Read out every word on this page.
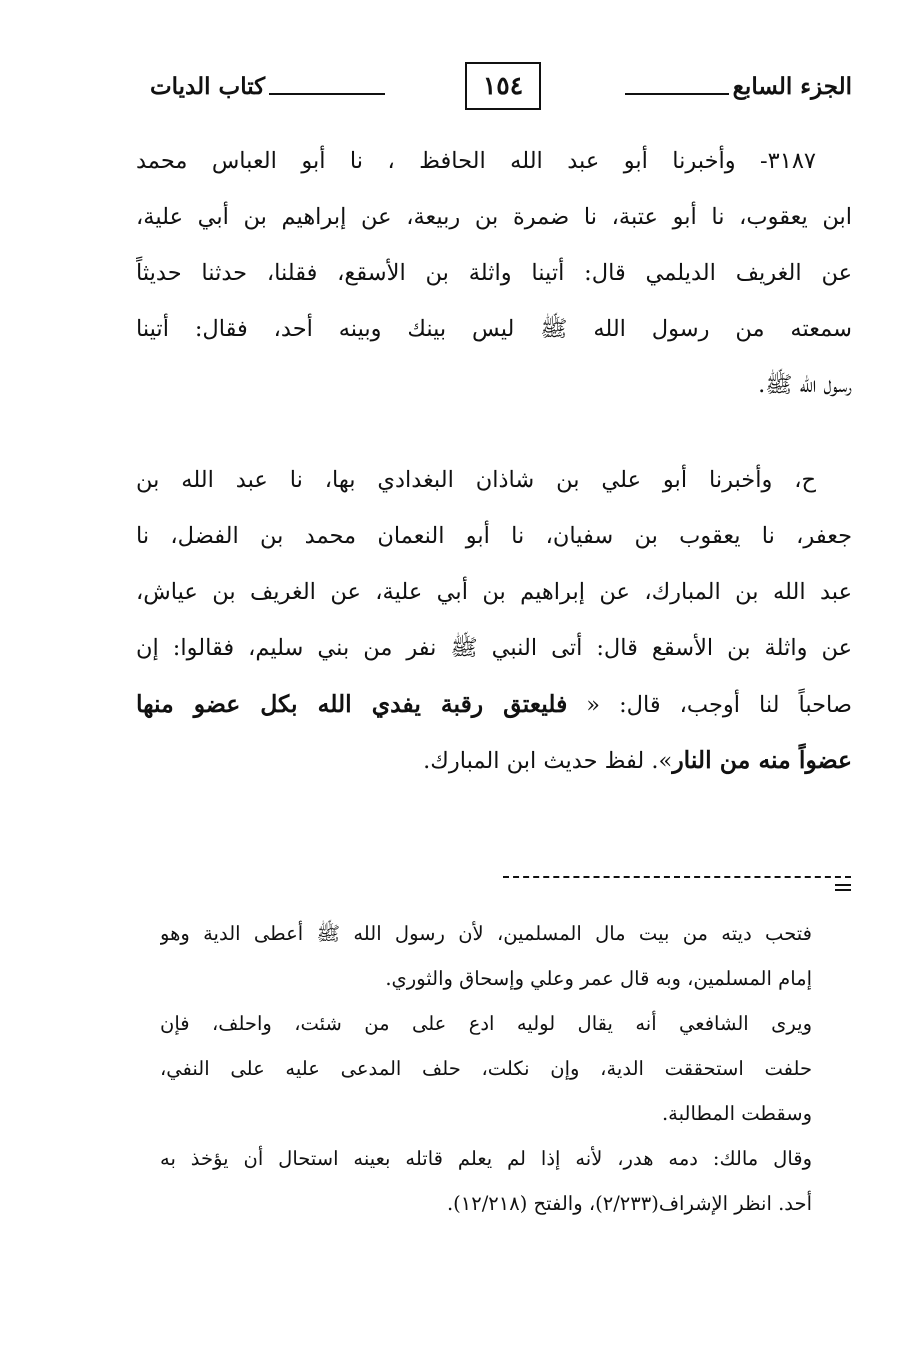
الجزء السابع
١٥٤
كتاب الديات
٣١٨٧- وأخبرنا أبو عبد الله الحافظ ، نا أبو العباس محمد
ابن يعقوب، نا أبو عتبة، نا ضمرة بن ربيعة، عن إبراهيم بن أبي علية،
عن الغريف الديلمي قال: أتينا واثلة بن الأسقع، فقلنا، حدثنا حديثاً
سمعته من رسول الله ﷺ ليس بينك وبينه أحد، فقال: أتينا
رسول الله ﷺ.
ح، وأخبرنا أبو علي بن شاذان البغدادي بها، نا عبد الله بن
جعفر، نا يعقوب بن سفيان، نا أبو النعمان محمد بن الفضل، نا
عبد الله بن المبارك، عن إبراهيم بن أبي علية، عن الغريف بن عياش،
عن واثلة بن الأسقع قال: أتى النبي ﷺ نفر من بني سليم، فقالوا: إن
صاحباً لنا أوجب، قال: « فليعتق رقبة يفدي الله بكل عضو منها
عضواً منه من النار». لفظ حديث ابن المبارك.
فتحب ديته من بيت مال المسلمين، لأن رسول الله ﷺ أعطى الدية وهو
إمام المسلمين، وبه قال عمر وعلي وإسحاق والثوري.
ويرى الشافعي أنه يقال لوليه ادع على من شئت، واحلف، فإن
حلفت استحققت الدية، وإن نكلت، حلف المدعى عليه على النفي،
وسقطت المطالبة.
وقال مالك: دمه هدر، لأنه إذا لم يعلم قاتله بعينه استحال أن يؤخذ به
أحد. انظر الإشراف(٢/٢٣٣)، والفتح (١٢/٢١٨).
